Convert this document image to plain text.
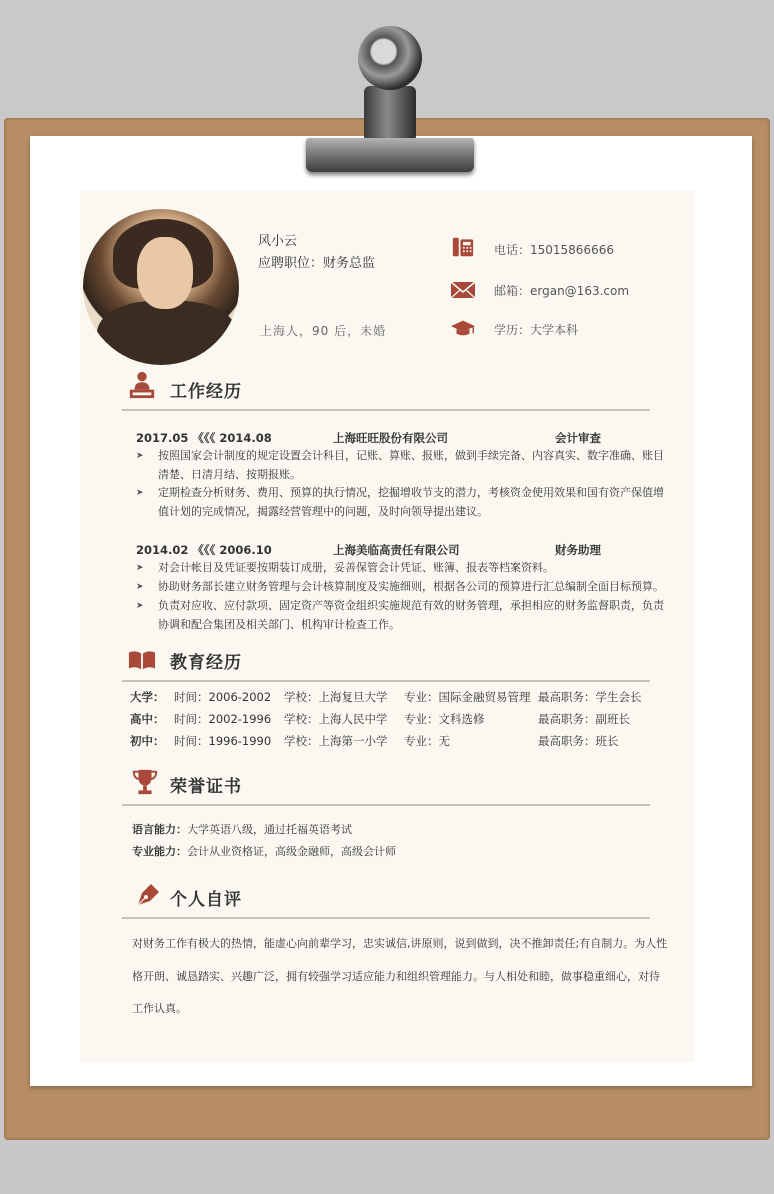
风小云
应聘职位：财务总监
上海人，90 后，未婚
电话：15015866666
邮箱：ergan@163.com
学历：大学本科
工作经历
2017.05 《《《 2014.08	上海旺旺股份有限公司	会计审查
➤	按照国家会计制度的规定设置会计科目，记账、算账、报账，做到手续完备、内容真实、数字准确、账目清楚、日清月结、按期报账。
➤	定期检查分析财务、费用、预算的执行情况，挖掘增收节支的潜力，考核资金使用效果和国有资产保值增值计划的完成情况，揭露经营管理中的问题，及时向领导提出建议。
2014.02 《《《 2006.10	上海美临高责任有限公司	财务助理
➤	对会计帐目及凭证要按期装订成册，妥善保管会计凭证、账簿、报表等档案资料。
➤	协助财务部长建立财务管理与会计核算制度及实施细则，根据各公司的预算进行汇总编制全面目标预算。
➤	负责对应收、应付款项、固定资产等资金组织实施规范有效的财务管理，承担相应的财务监督职责，负责协调和配合集团及相关部门、机构审计检查工作。
教育经历
大学： 时间：2006-2002 学校：上海复旦大学 专业：国际金融贸易管理 最高职务：学生会长
高中： 时间：2002-1996 学校：上海人民中学 专业：文科选修	最高职务：副班长
初中： 时间：1996-1990 学校：上海第一小学 专业：无	最高职务：班长
荣誉证书
语言能力：大学英语八级，通过托福英语考试
专业能力：会计从业资格证，高级金融师，高级会计师
个人自评
对财务工作有极大的热情，能虚心向前辈学习，忠实诚信,讲原则，说到做到，决不推卸责任;有自制力。为人性
格开朗、诚恳踏实、兴趣广泛，拥有较强学习适应能力和组织管理能力。与人相处和睦，做事稳重细心，对待
工作认真。
